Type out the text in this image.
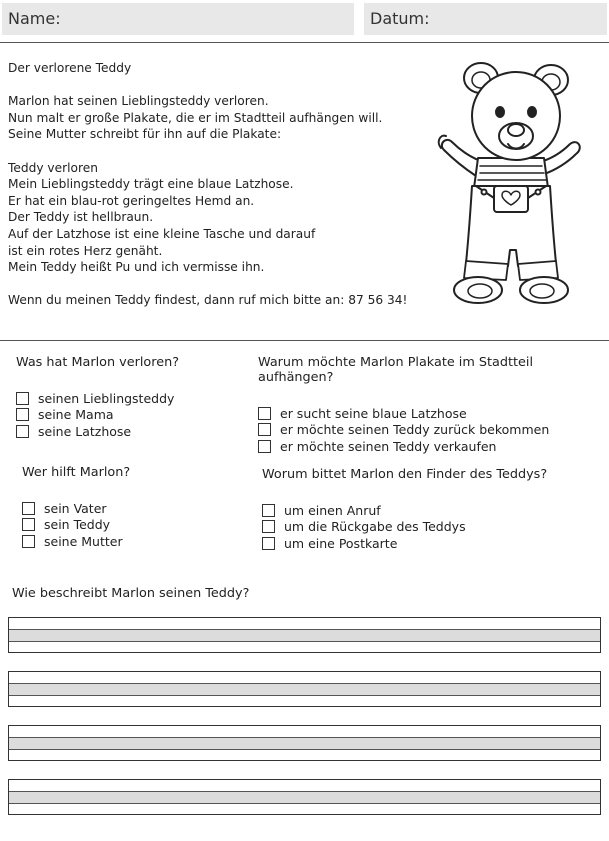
Name:	Datum:
Der verlorene Teddy
Marlon hat seinen Lieblingsteddy verloren.
Nun malt er große Plakate, die er im Stadtteil aufhängen will.
Seine Mutter schreibt für ihn auf die Plakate:
Teddy verloren
Mein Lieblingsteddy trägt eine blaue Latzhose.
Er hat ein blau-rot geringeltes Hemd an.
Der Teddy ist hellbraun.
Auf der Latzhose ist eine kleine Tasche und darauf
ist ein rotes Herz genäht.
Mein Teddy heißt Pu und ich vermisse ihn.
Wenn du meinen Teddy findest, dann ruf mich bitte an: 87 56 34!

Was hat Marlon verloren?

seinen Lieblingsteddy
seine Mama
seine Latzhose

Warum möchte Marlon Plakate im Stadtteil aufhängen?

er sucht seine blaue Latzhose
er möchte seinen Teddy zurück bekommen
er möchte seinen Teddy verkaufen

Wer hilft Marlon?

sein Vater
sein Teddy
seine Mutter

Worum bittet Marlon den Finder des Teddys?

um einen Anruf
um die Rückgabe des Teddys
um eine Postkarte

Wie beschreibt Marlon seinen Teddy?
